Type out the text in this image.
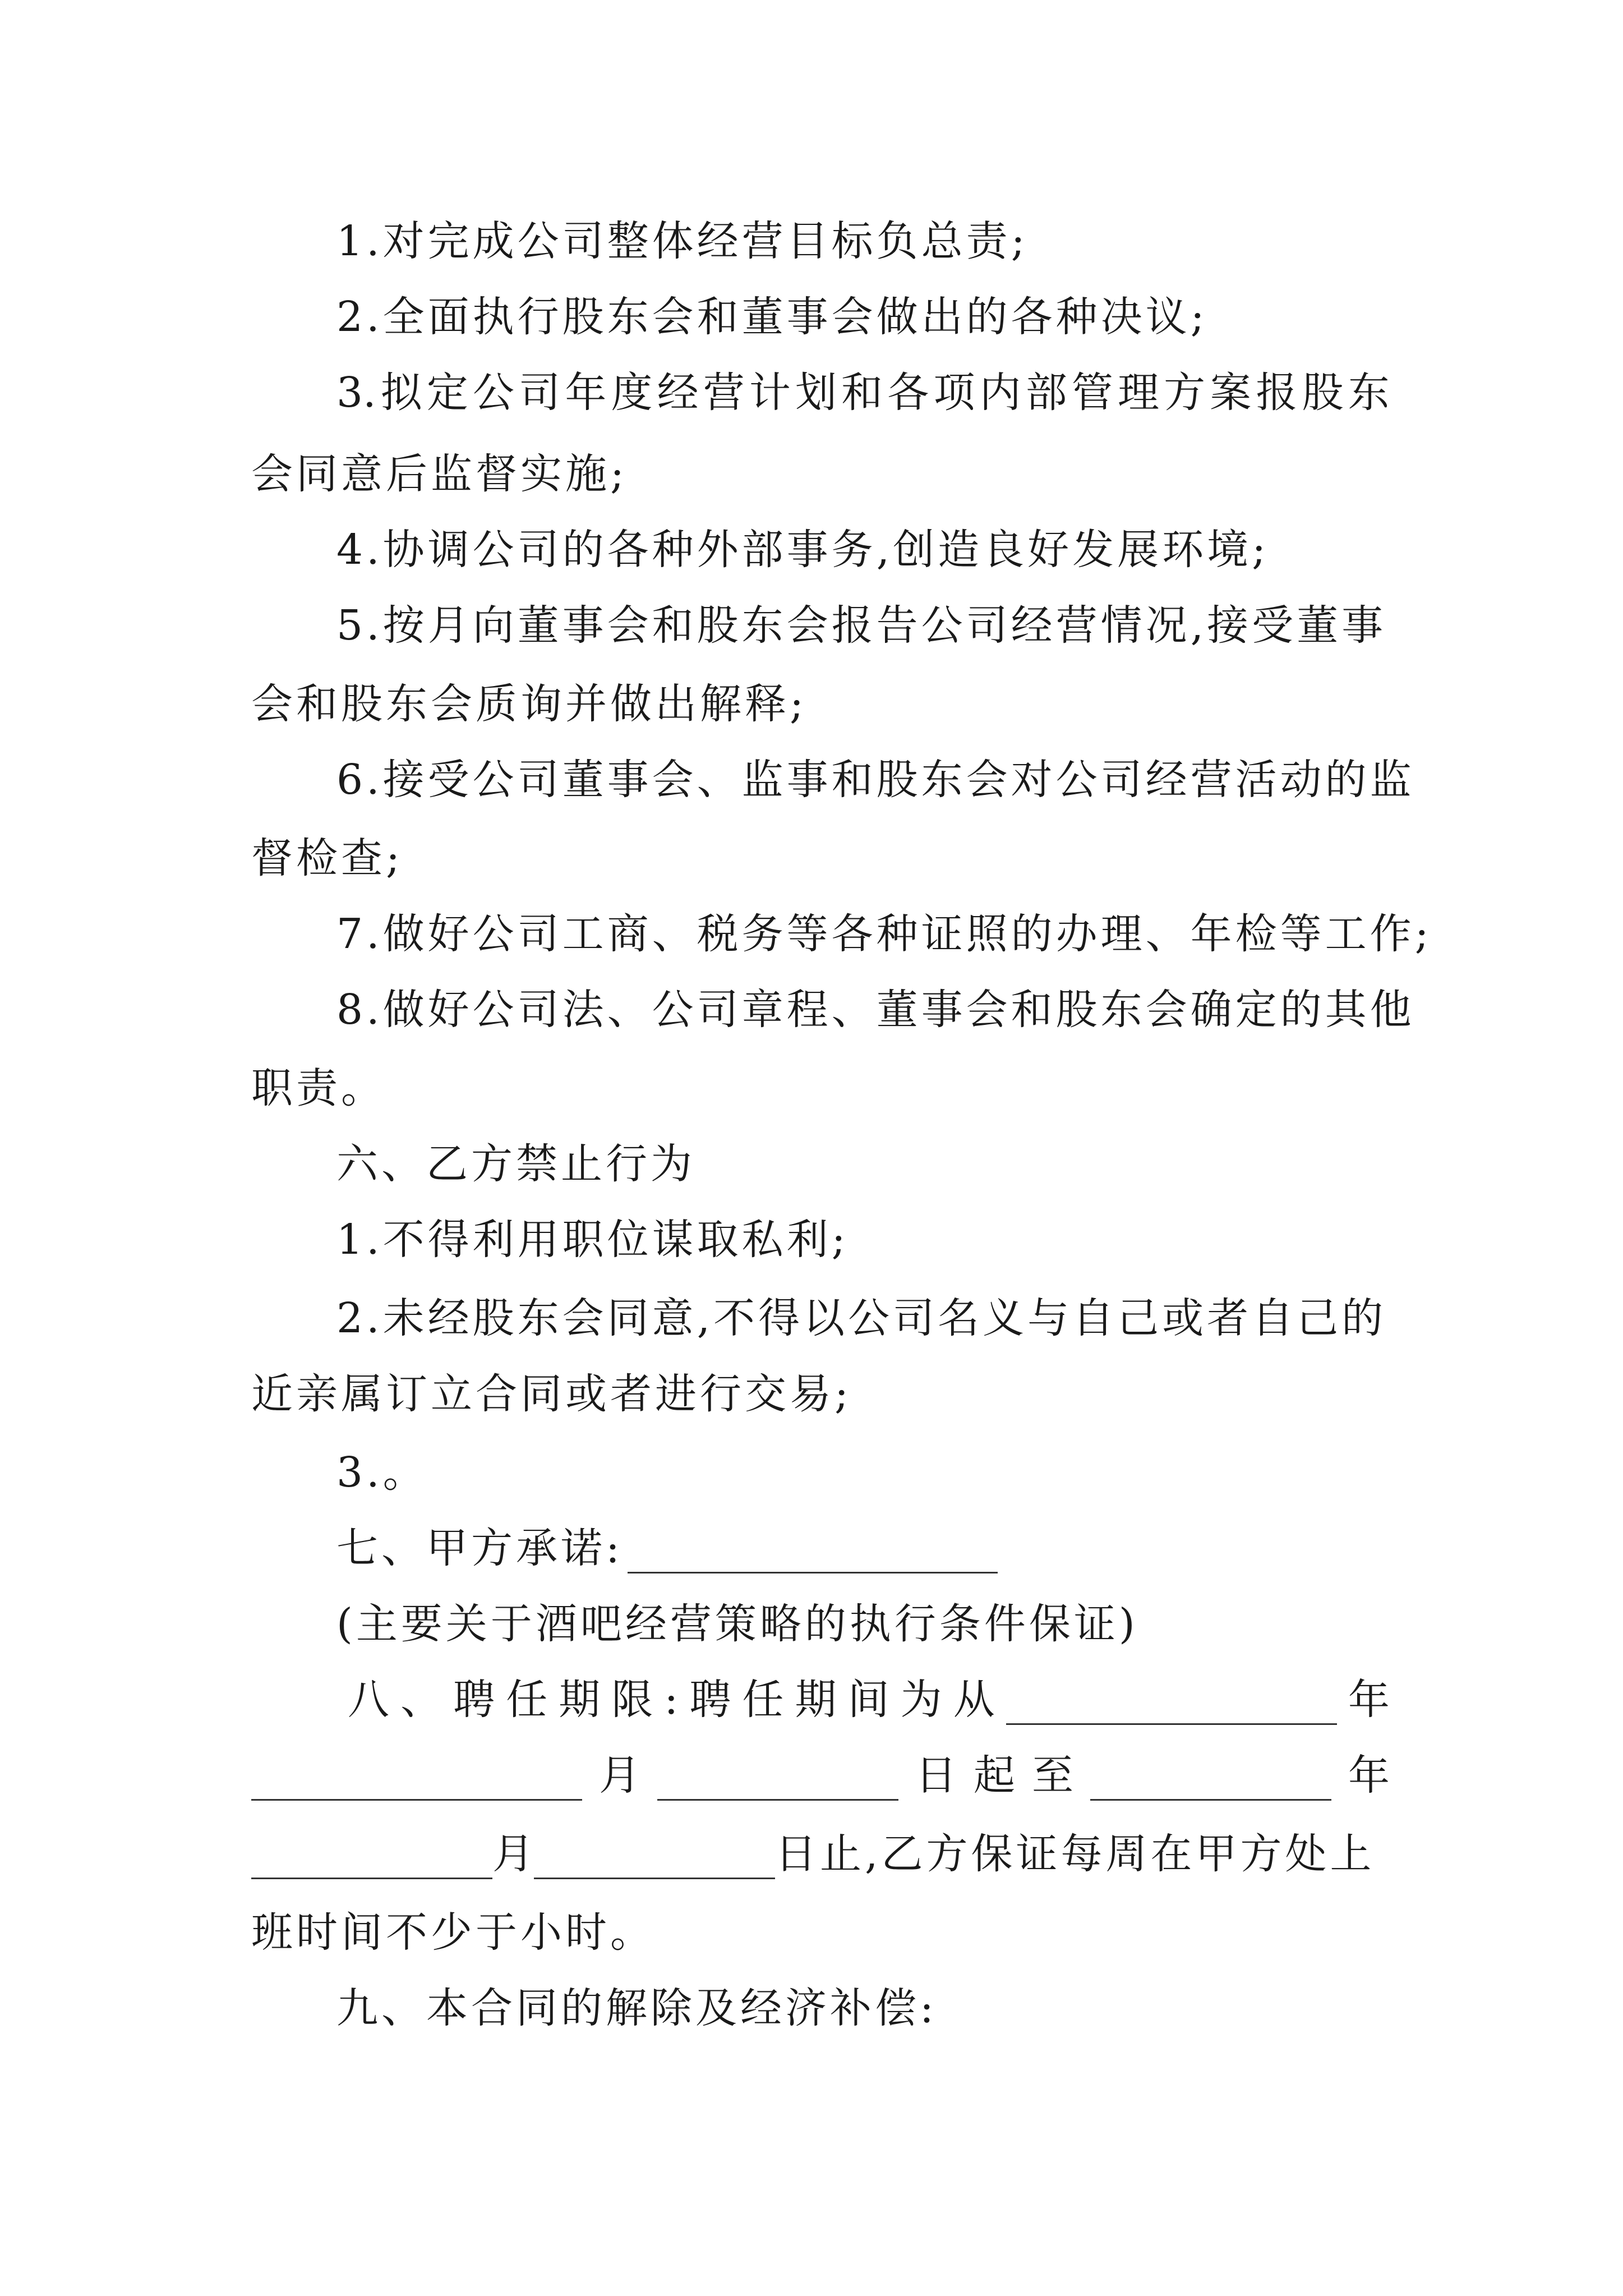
1.对完成公司整体经营目标负总责;
2.全面执行股东会和董事会做出的各种决议;
3. 拟 定 公 司 年 度 经 营 计 划 和 各 项 内 部 管 理 方 案 报 股 东
会同意后监督实施;
4.协调公司的各种外部事务,创造良好发展环境;
5.按月向董事会和股东会报告公司经营情况,接受董事
会和股东会质询并做出解释;
6.接受公司董事会、监事和股东会对公司经营活动的监
督检查;
7.做好公司工商、税务等各种证照的办理、年检等工作;
8.做好公司法、公司章程、董事会和股东会确定的其他
职责。
六、乙方禁止行为
1.不得利用职位谋取私利;
2.未经股东会同意,不得以公司名义与自己或者自己的
近亲属订立合同或者进行交易;
3.。
七、甲方承诺:
(主要关于酒吧经营策略的执行条件保证)
八 、 聘 任 期 限 : 聘 任 期 间 为 从	年
月	日 起 至	年
月	日止,乙方保证每周在甲方处上
班时间不少于小时。
九、本合同的解除及经济补偿:
